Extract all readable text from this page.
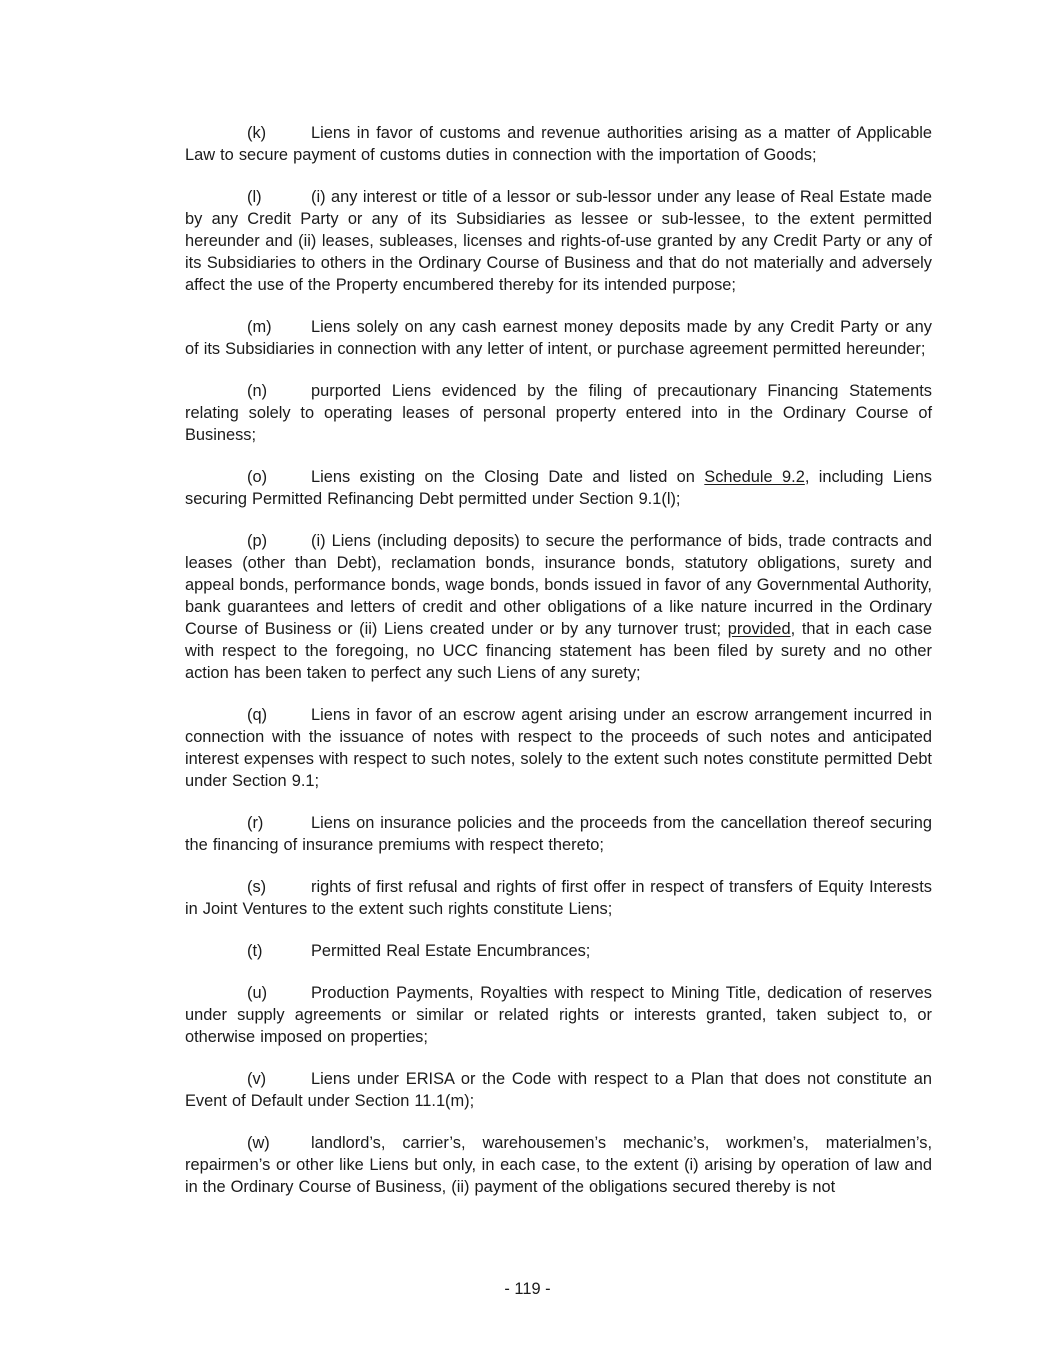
(k)	Liens in favor of customs and revenue authorities arising as a matter of Applicable Law to secure payment of customs duties in connection with the importation of Goods;

(l)	(i) any interest or title of a lessor or sub-lessor under any lease of Real Estate made by any Credit Party or any of its Subsidiaries as lessee or sub-lessee, to the extent permitted hereunder and (ii) leases, subleases, licenses and rights-of-use granted by any Credit Party or any of its Subsidiaries to others in the Ordinary Course of Business and that do not materially and adversely affect the use of the Property encumbered thereby for its intended purpose;

(m) Liens solely on any cash earnest money deposits made by any Credit Party or any of its Subsidiaries in connection with any letter of intent, or purchase agreement permitted hereunder;

(n)	purported Liens evidenced by the filing of precautionary Financing Statements relating solely to operating leases of personal property entered into in the Ordinary Course of Business;

(o)	Liens existing on the Closing Date and listed on Schedule 9.2, including Liens securing Permitted Refinancing Debt permitted under Section 9.1(l);

(p)	(i) Liens (including deposits) to secure the performance of bids, trade contracts and leases (other than Debt), reclamation bonds, insurance bonds, statutory obligations, surety and appeal bonds, performance bonds, wage bonds, bonds issued in favor of any Governmental Authority, bank guarantees and letters of credit and other obligations of a like nature incurred in the Ordinary Course of Business or (ii) Liens created under or by any turnover trust; provided, that in each case with respect to the foregoing, no UCC financing statement has been filed by surety and no other action has been taken to perfect any such Liens of any surety;

(q)	Liens in favor of an escrow agent arising under an escrow arrangement incurred in connection with the issuance of notes with respect to the proceeds of such notes and anticipated interest expenses with respect to such notes, solely to the extent such notes constitute permitted Debt under Section 9.1;

(r)	Liens on insurance policies and the proceeds from the cancellation thereof securing the financing of insurance premiums with respect thereto;

(s)	rights of first refusal and rights of first offer in respect of transfers of Equity Interests in Joint Ventures to the extent such rights constitute Liens;

(t)	Permitted Real Estate Encumbrances;

(u)	Production Payments, Royalties with respect to Mining Title, dedication of reserves under supply agreements or similar or related rights or interests granted, taken subject to, or otherwise imposed on properties;

(v)	Liens under ERISA or the Code with respect to a Plan that does not constitute an Event of Default under Section 11.1(m);

(w)	landlord’s, carrier’s, warehousemen’s mechanic’s, workmen’s, materialmen’s, repairmen’s or other like Liens but only, in each case, to the extent (i) arising by operation of law and in the Ordinary Course of Business, (ii) payment of the obligations secured thereby is not

- 119 -
